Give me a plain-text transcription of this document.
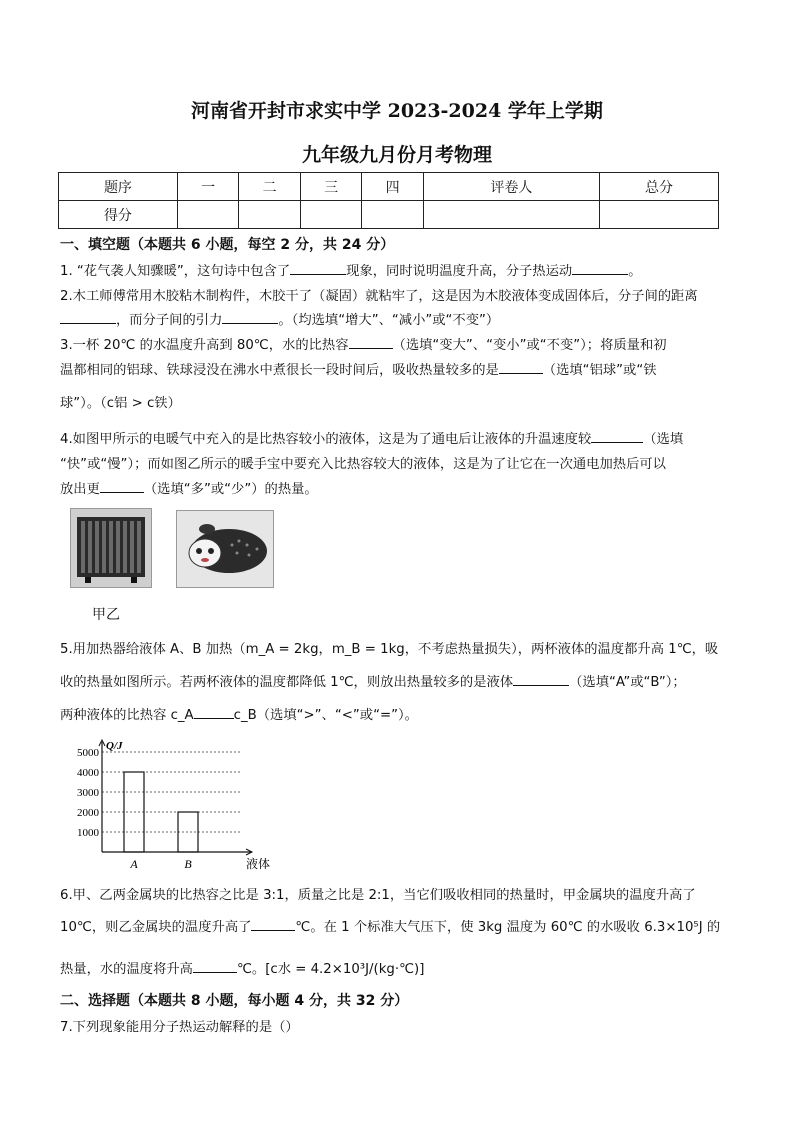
河南省开封市求实中学 2023-2024 学年上学期
九年级九月份月考物理
题序	一	二	三	四	评卷人	总分
得分						
一、填空题（本题共 6 小题，每空 2 分，共 24 分）
1. “花气袭人知骤暖”，这句诗中包含了	现象，同时说明温度升高，分子热运动	。
2.木工师傅常用木胶粘木制构件，木胶干了（凝固）就粘牢了，这是因为木胶液体变成固体后，分子间的距离
，而分子间的引力	。（均选填“增大”、“减小”或“不变”）
3.一杯 20℃ 的水温度升高到 80℃，水的比热容	（选填“变大”、“变小”或“不变”）；将质量和初
温都相同的铝球、铁球浸没在沸水中煮很长一段时间后，吸收热量较多的是	（选填“铝球”或“铁
球”）。（c铝 > c铁）
4.如图甲所示的电暖气中充入的是比热容较小的液体，这是为了通电后让液体的升温速度较	（选填
“快”或“慢”）；而如图乙所示的暖手宝中要充入比热容较大的液体，这是为了让它在一次通电加热后可以
放出更	（选填“多”或“少”）的热量。
甲乙
5.用加热器给液体 A、B 加热（m_A = 2kg，m_B = 1kg，不考虑热量损失），两杯液体的温度都升高 1℃，吸
收的热量如图所示。若两杯液体的温度都降低 1℃，则放出热量较多的是液体	（选填“A”或“B”）；
两种液体的比热容 c_A	c_B（选填“>”、“<”或“=”）。
1000
2000
3000
4000
5000
Q/J
液体
A	B
6.甲、乙两金属块的比热容之比是 3:1，质量之比是 2:1，当它们吸收相同的热量时，甲金属块的温度升高了
10℃，则乙金属块的温度升高了	℃。在 1 个标准大气压下，使 3kg 温度为 60℃ 的水吸收 6.3×10⁵J 的
热量，水的温度将升高	℃。[c水 = 4.2×10³J/(kg·℃)]
二、选择题（本题共 8 小题，每小题 4 分，共 32 分）
7.下列现象能用分子热运动解释的是（）
